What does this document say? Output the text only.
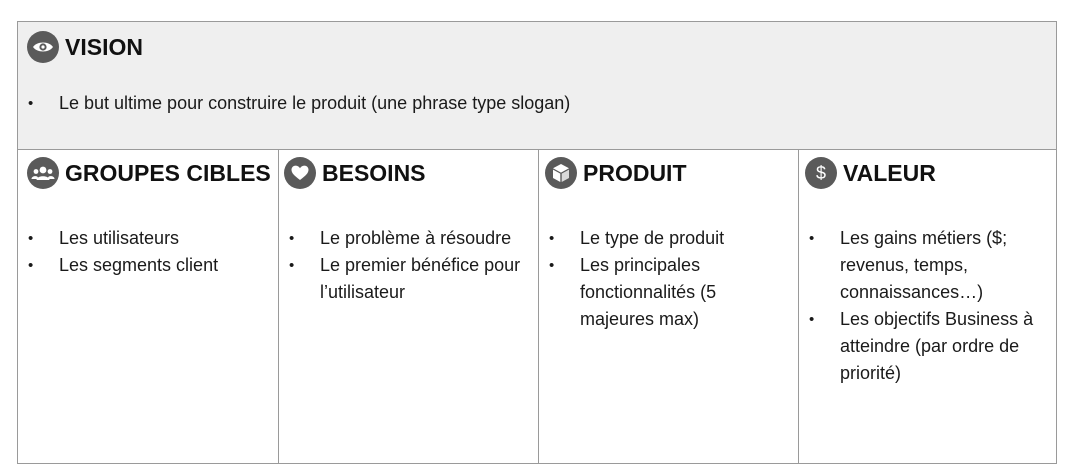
VISION
• Le but ultime pour construire le produit (une phrase type slogan)
GROUPES CIBLES
• Les utilisateurs
• Les segments client
BESOINS
• Le problème à résoudre
• Le premier bénéfice pour l’utilisateur
PRODUIT
• Le type de produit
• Les principales fonctionnalités (5 majeures max)
$ VALEUR
• Les gains métiers ($; revenus, temps, connaissances…)
• Les objectifs Business à atteindre (par ordre de priorité)
